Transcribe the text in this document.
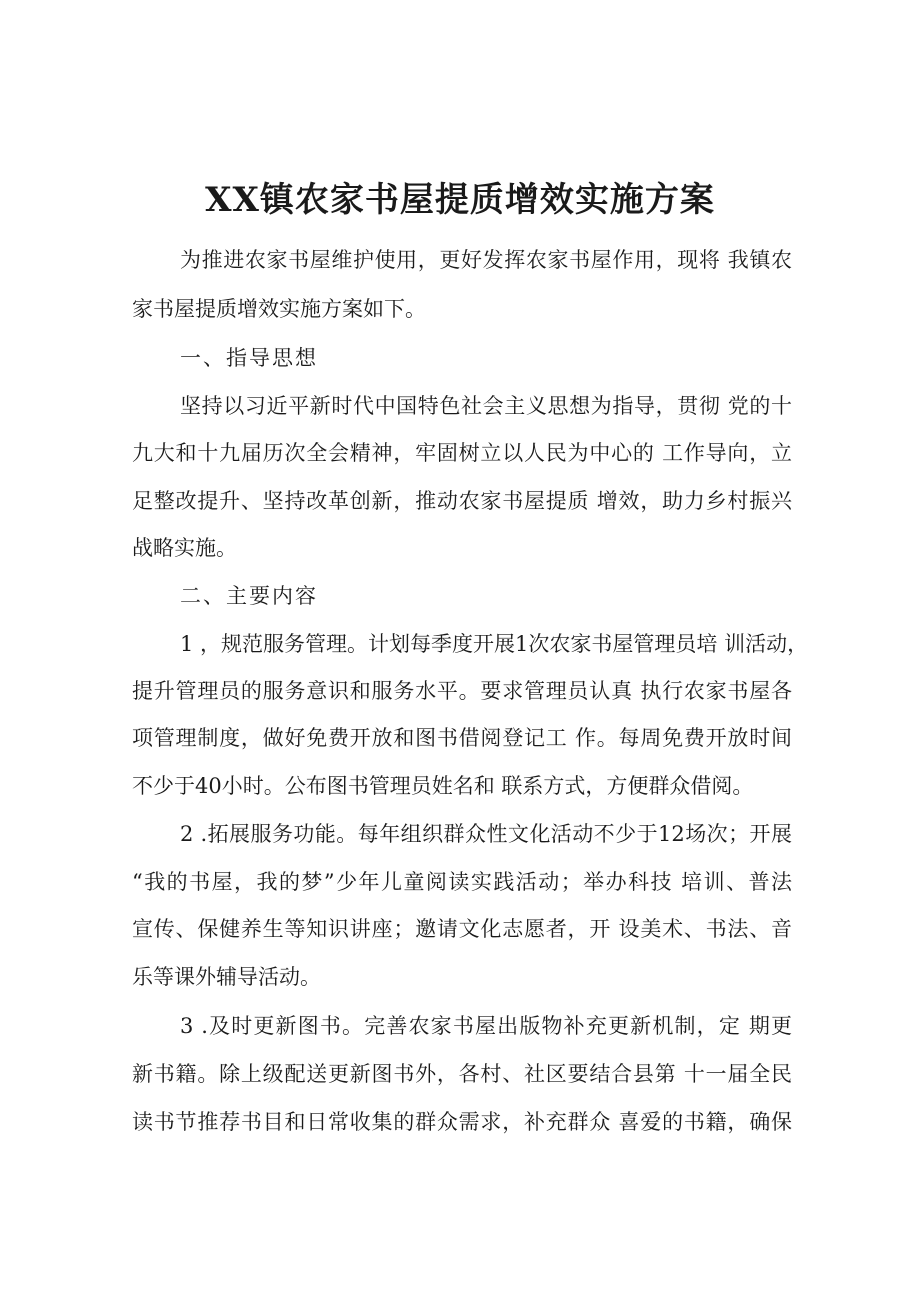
XX镇农家书屋提质增效实施方案

为推进农家书屋维护使用，更好发挥农家书屋作用，现将 我镇农

家书屋提质增效实施方案如下。

一、指导思想

坚持以习近平新时代中国特色社会主义思想为指导，贯彻 党的十

九大和十九届历次全会精神，牢固树立以人民为中心的 工作导向，立

足整改提升、坚持改革创新，推动农家书屋提质 增效，助力乡村振兴

战略实施。

二、主要内容

1 ，规范服务管理。计划每季度开展1次农家书屋管理员培 训活动，

提升管理员的服务意识和服务水平。要求管理员认真 执行农家书屋各

项管理制度，做好免费开放和图书借阅登记工 作。每周免费开放时间

不少于40小时。公布图书管理员姓名和 联系方式，方便群众借阅。

2 .拓展服务功能。每年组织群众性文化活动不少于12场次；开展

“我的书屋，我的梦”少年儿童阅读实践活动；举办科技 培训、普法

宣传、保健养生等知识讲座；邀请文化志愿者，开 设美术、书法、音

乐等课外辅导活动。

3 .及时更新图书。完善农家书屋出版物补充更新机制，定 期更

新书籍。除上级配送更新图书外，各村、社区要结合县第 十一届全民

读书节推荐书目和日常收集的群众需求，补充群众 喜爱的书籍，确保
